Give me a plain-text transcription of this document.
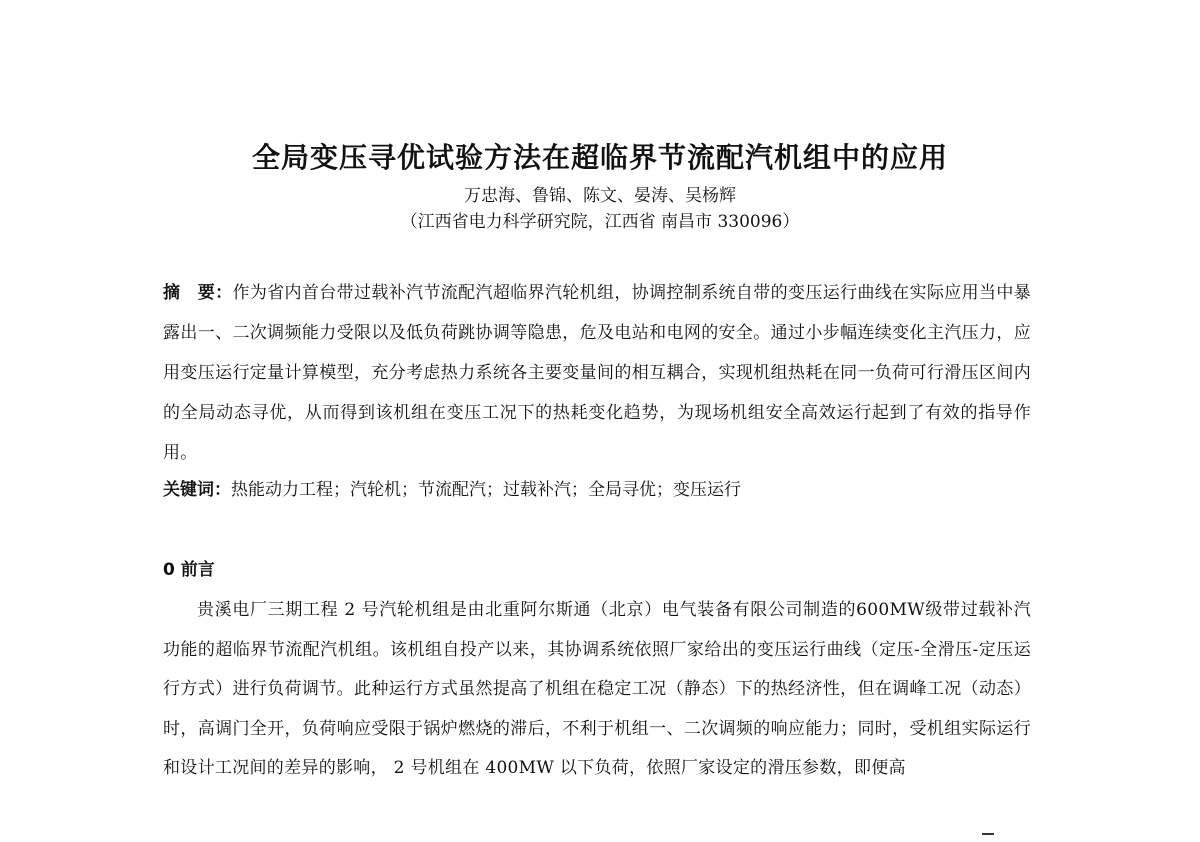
全局变压寻优试验方法在超临界节流配汽机组中的应用
万忠海、鲁锦、陈文、晏涛、吴杨辉
（江西省电力科学研究院，江西省 南昌市 330096）
摘　要：作为省内首台带过载补汽节流配汽超临界汽轮机组，协调控制系统自带的变压运行曲线在实际应用当中暴露出一、二次调频能力受限以及低负荷跳协调等隐患，危及电站和电网的安全。通过小步幅连续变化主汽压力，应用变压运行定量计算模型，充分考虑热力系统各主要变量间的相互耦合，实现机组热耗在同一负荷可行滑压区间内的全局动态寻优，从而得到该机组在变压工况下的热耗变化趋势，为现场机组安全高效运行起到了有效的指导作用。
关键词：热能动力工程；汽轮机；节流配汽；过载补汽；全局寻优；变压运行
0 前言
贵溪电厂三期工程 2 号汽轮机组是由北重阿尔斯通（北京）电气装备有限公司制造的600MW级带过载补汽功能的超临界节流配汽机组。该机组自投产以来，其协调系统依照厂家给出的变压运行曲线（定压-全滑压-定压运行方式）进行负荷调节。此种运行方式虽然提高了机组在稳定工况（静态）下的热经济性，但在调峰工况（动态）时，高调门全开，负荷响应受限于锅炉燃烧的滞后，不利于机组一、二次调频的响应能力；同时，受机组实际运行和设计工况间的差异的影响， 2 号机组在 400MW 以下负荷，依照厂家设定的滑压参数，即便高
